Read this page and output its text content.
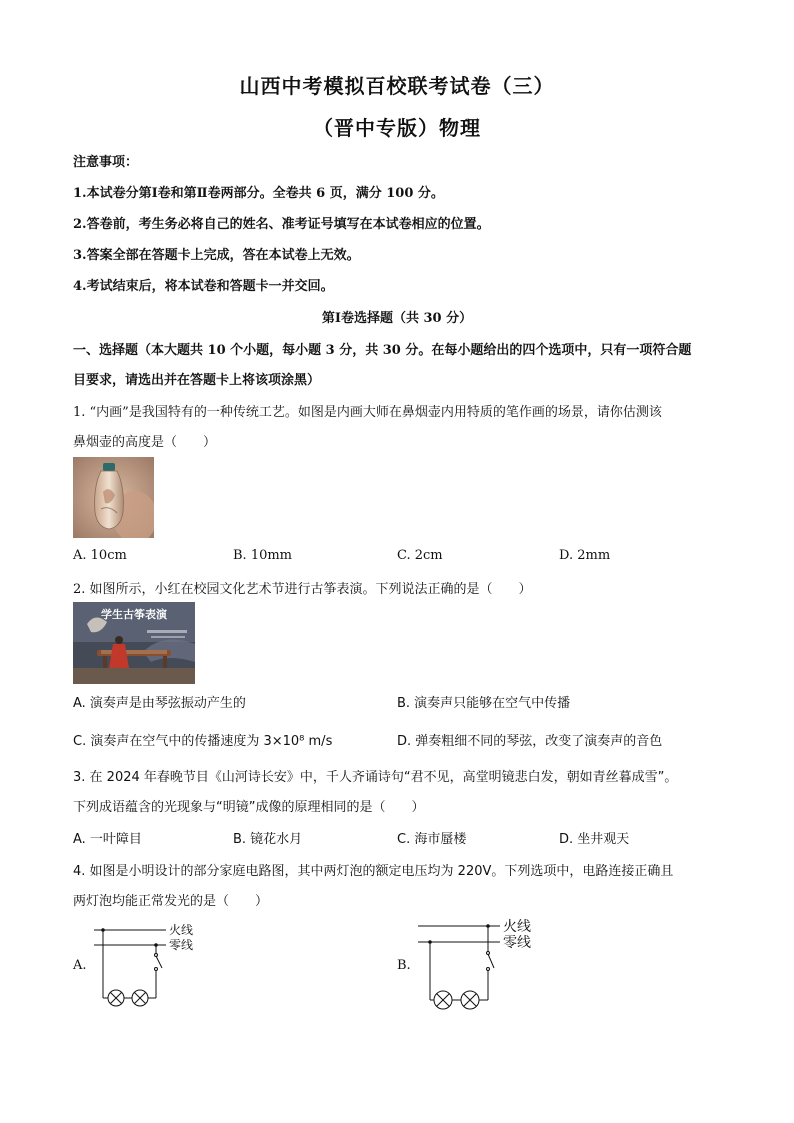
山西中考模拟百校联考试卷（三）
（晋中专版）物理
注意事项：
1.本试卷分第Ⅰ卷和第Ⅱ卷两部分。全卷共 6 页，满分 100 分。
2.答卷前，考生务必将自己的姓名、准考证号填写在本试卷相应的位置。
3.答案全部在答题卡上完成，答在本试卷上无效。
4.考试结束后，将本试卷和答题卡一并交回。
第Ⅰ卷选择题（共 30 分）
一、选择题（本大题共 10 个小题，每小题 3 分，共 30 分。在每小题给出的四个选项中，只有一项符合题
目要求，请选出并在答题卡上将该项涂黑）
1. “内画”是我国特有的一种传统工艺。如图是内画大师在鼻烟壶内用特质的笔作画的场景，请你估测该
鼻烟壶的高度是（　　）
A. 10cm	B. 10mm	C. 2cm	D. 2mm
2. 如图所示，小红在校园文化艺术节进行古筝表演。下列说法正确的是（　　）
学生古筝表演
A. 演奏声是由琴弦振动产生的	B. 演奏声只能够在空气中传播
C. 演奏声在空气中的传播速度为 3×10⁸ m/s	D. 弹奏粗细不同的琴弦，改变了演奏声的音色
3. 在 2024 年春晚节目《山河诗长安》中，千人齐诵诗句“君不见，高堂明镜悲白发，朝如青丝暮成雪”。
下列成语蕴含的光现象与“明镜”成像的原理相同的是（　　）
A. 一叶障目	B. 镜花水月	C. 海市蜃楼	D. 坐井观天
4. 如图是小明设计的部分家庭电路图，其中两灯泡的额定电压均为 220V。下列选项中，电路连接正确且
两灯泡均能正常发光的是（　　）
A.
火线
零线
B.
火线
零线
